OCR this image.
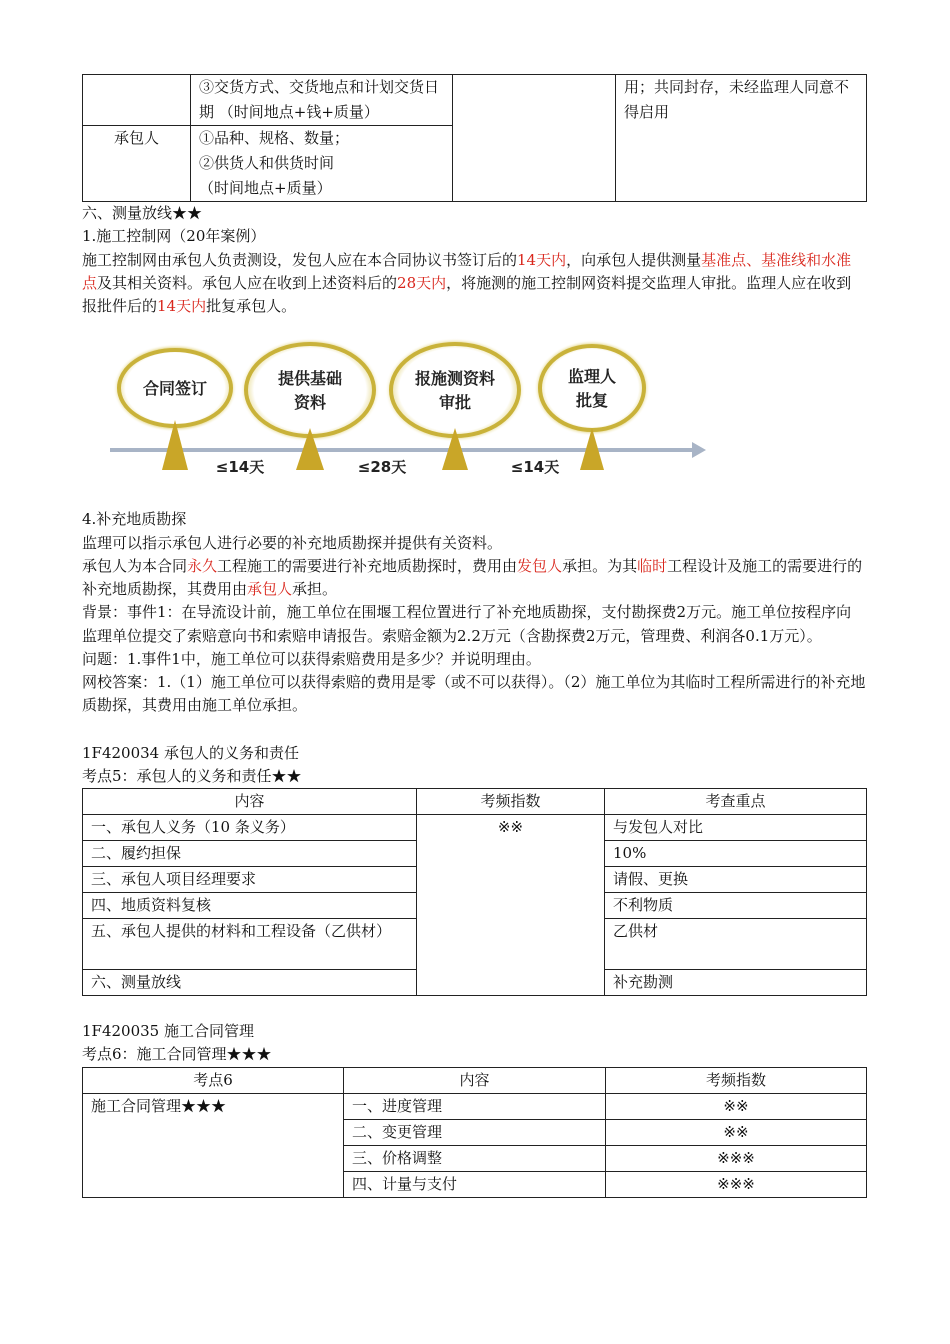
	③交货方式、交货地点和计划交货日期 （时间地点+钱+质量）		用；共同封存，未经监理人同意不得启用
承包人	①品种、规格、数量；
②供货人和供货时间
（时间地点+质量）		

六、测量放线★★

1.施工控制网（20年案例）

施工控制网由承包人负责测设，发包人应在本合同协议书签订后的14天内，向承包人提供测量基准点、基准线和水准点及其相关资料。承包人应在收到上述资料后的28天内，将施测的施工控制网资料提交监理人审批。监理人应在收到报批件后的14天内批复承包人。

合同签订
提供基础
资料
报施测资料
审批
监理人
批复
≤14天	≤28天	≤14天

4.补充地质勘探

监理可以指示承包人进行必要的补充地质勘探并提供有关资料。

承包人为本合同永久工程施工的需要进行补充地质勘探时，费用由发包人承担。为其临时工程设计及施工的需要进行的补充地质勘探，其费用由承包人承担。

背景：事件1：在导流设计前，施工单位在围堰工程位置进行了补充地质勘探，支付勘探费2万元。施工单位按程序向监理单位提交了索赔意向书和索赔申请报告。索赔金额为2.2万元（含勘探费2万元，管理费、利润各0.1万元）。

问题：1.事件1中，施工单位可以获得索赔费用是多少？并说明理由。

网校答案：1.（1）施工单位可以获得索赔的费用是零（或不可以获得）。（2）施工单位为其临时工程所需进行的补充地质勘探，其费用由施工单位承担。

1F420034 承包人的义务和责任

考点5：承包人的义务和责任★★

内容	考频指数	考查重点
一、承包人义务（10 条义务）	※※	与发包人对比
二、履约担保		10%
三、承包人项目经理要求		请假、更换
四、地质资料复核		不利物质
五、承包人提供的材料和工程设备（乙供材）		乙供材
六、测量放线		补充勘测

1F420035 施工合同管理

考点6：施工合同管理★★★

考点6	内容	考频指数
施工合同管理★★★	一、进度管理	※※
	二、变更管理	※※
	三、价格调整	※※※
	四、计量与支付	※※※
